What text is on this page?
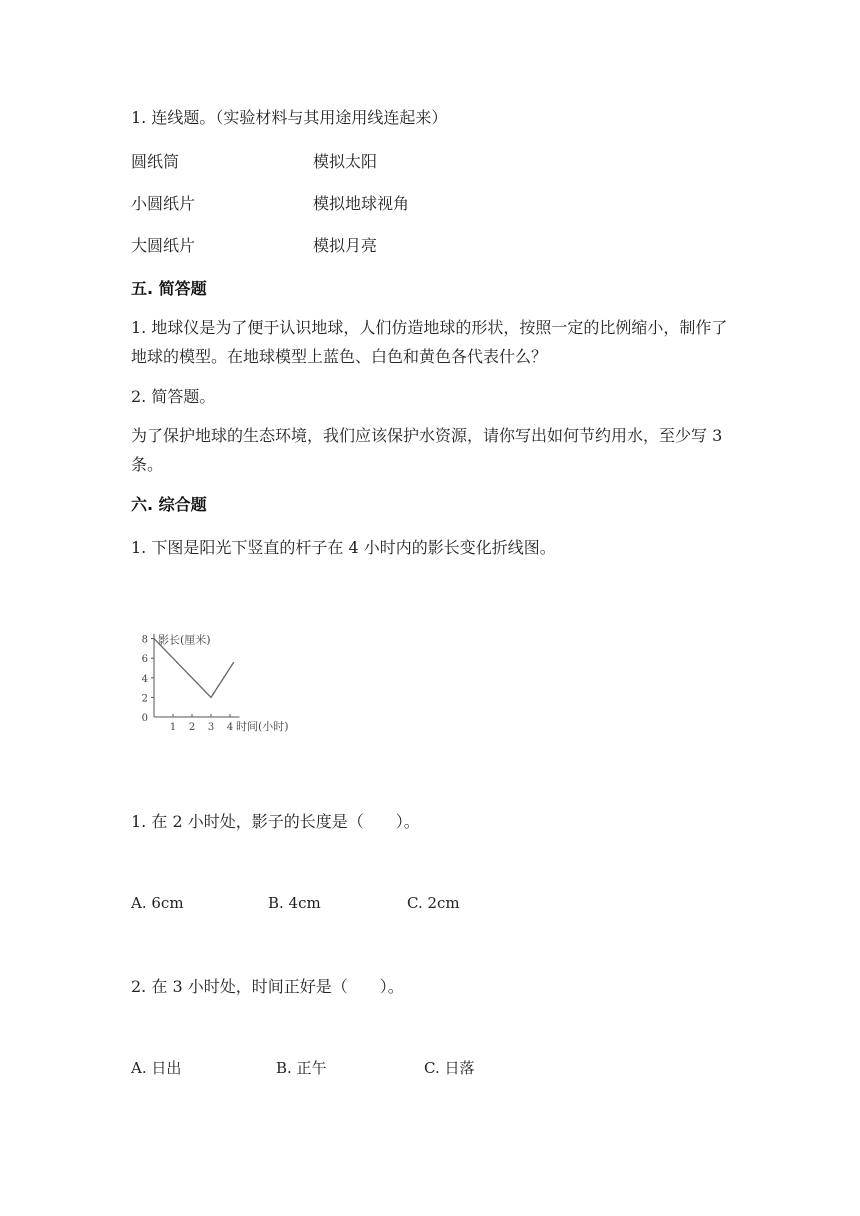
1. 连线题。（实验材料与其用途用线连起来）
圆纸筒	模拟太阳
小圆纸片	模拟地球视角
大圆纸片	模拟月亮
五. 简答题
1. 地球仪是为了便于认识地球，人们仿造地球的形状，按照一定的比例缩小，制作了地球的模型。在地球模型上蓝色、白色和黄色各代表什么？
2. 简答题。
为了保护地球的生态环境，我们应该保护水资源，请你写出如何节约用水，至少写 3 条。
六. 综合题
1. 下图是阳光下竖直的杆子在 4 小时内的影长变化折线图。
0
2
4
6
8
1 2 3 4
影长(厘米)
时间(小时)
1. 在 2 小时处，影子的长度是（　　）。
A. 6cm	B. 4cm	C. 2cm
2. 在 3 小时处，时间正好是（　　）。
A. 日出	B. 正午	C. 日落
